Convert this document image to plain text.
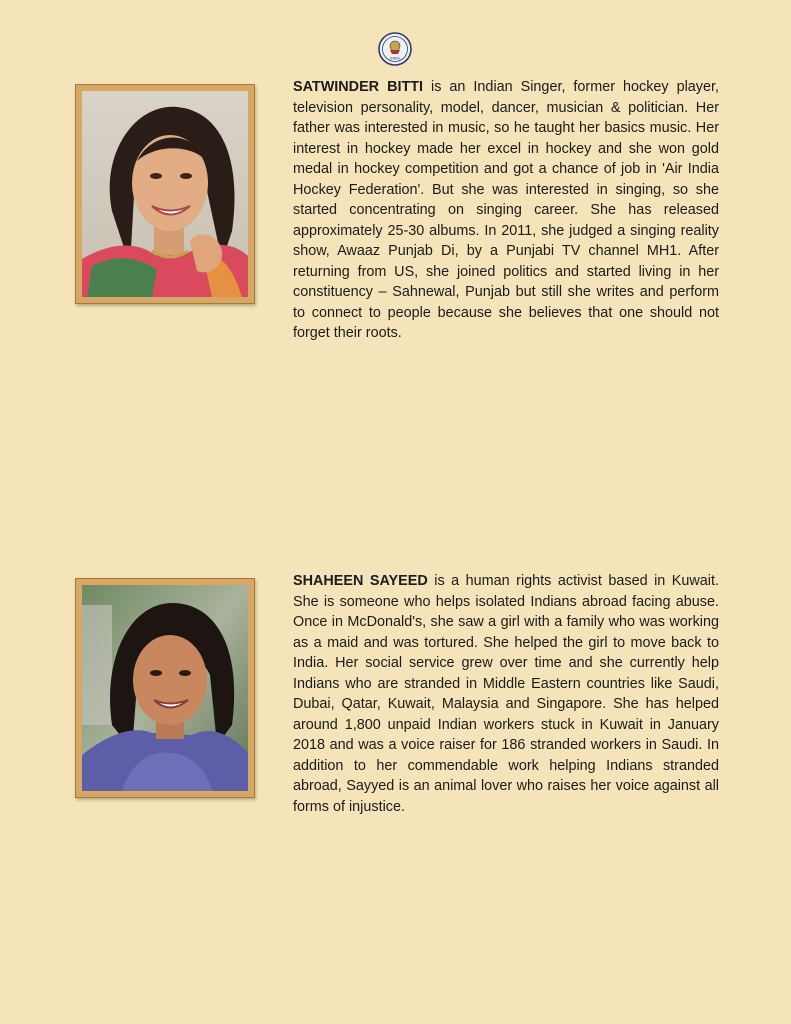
INDIA

SATWINDER BITTI is an Indian Singer, former hockey player, television personality, model, dancer, musician & politician. Her father was interested in music, so he taught her basics music. Her interest in hockey made her excel in hockey and she won gold medal in hockey competition and got a chance of job in 'Air India Hockey Federation'. But she was interested in singing, so she started concentrating on singing career. She has released approximately 25-30 albums. In 2011, she judged a singing reality show, Awaaz Punjab Di, by a Punjabi TV channel MH1. After returning from US, she joined politics and started living in her constituency – Sahnewal, Punjab but still she writes and perform to connect to people because she believes that one should not forget their roots.

SHAHEEN SAYEED is a human rights activist based in Kuwait. She is someone who helps isolated Indians abroad facing abuse. Once in McDonald's, she saw a girl with a family who was working as a maid and was tortured. She helped the girl to move back to India. Her social service grew over time and she currently help Indians who are stranded in Middle Eastern countries like Saudi, Dubai, Qatar, Kuwait, Malaysia and Singapore. She has helped around 1,800 unpaid Indian workers stuck in Kuwait in January 2018 and was a voice raiser for 186 stranded workers in Saudi. In addition to her commendable work helping Indians stranded abroad, Sayyed is an animal lover who raises her voice against all forms of injustice.
